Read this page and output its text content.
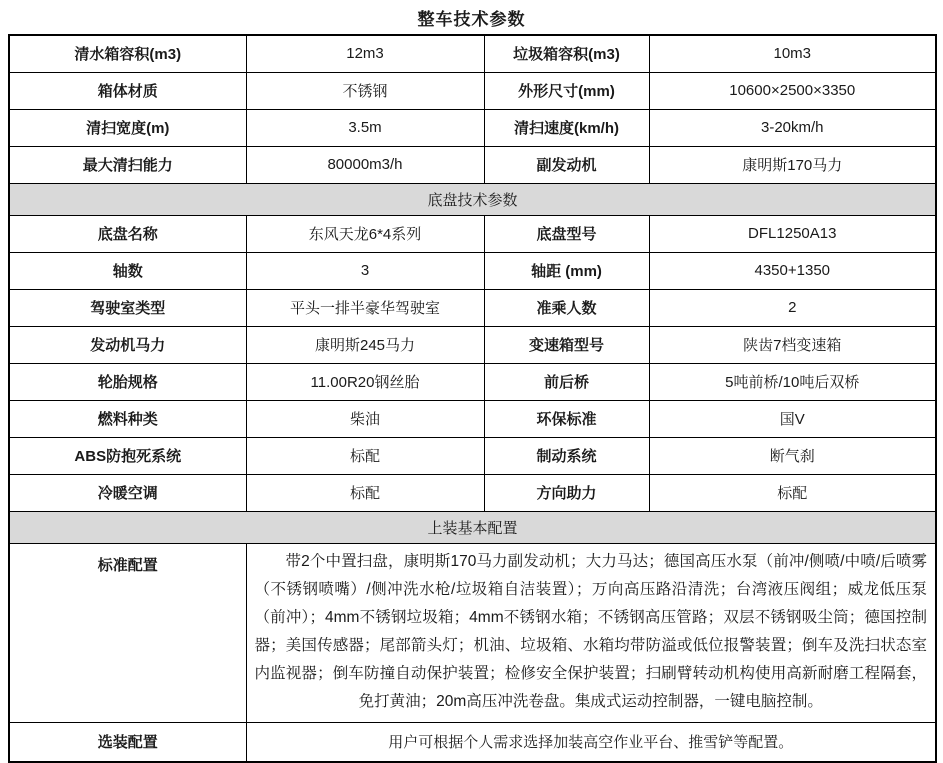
整车技术参数
清水箱容积(m3)	12m3	垃圾箱容积(m3)	10m3
箱体材质	不锈钢	外形尺寸(mm)	10600×2500×3350
清扫宽度(m)	3.5m	清扫速度(km/h)	3-20km/h
最大清扫能力	80000m3/h	副发动机	康明斯170马力
底盘技术参数			
底盘名称	东风天龙6*4系列	底盘型号	DFL1250A13
轴数	3	轴距 (mm)	4350+1350
驾驶室类型	平头一排半豪华驾驶室	准乘人数	2
发动机马力	康明斯245马力	变速箱型号	陕齿7档变速箱
轮胎规格	11.00R20钢丝胎	前后桥	5吨前桥/10吨后双桥
燃料种类	柴油	环保标准	国V
ABS防抱死系统	标配	制动系统	断气刹
冷暖空调	标配	方向助力	标配
上装基本配置			
标准配置	带2个中置扫盘，康明斯170马力副发动机；大力马达；德国高压水泵（前冲/侧喷/中喷/后喷雾（不锈钢喷嘴）/侧冲洗水枪/垃圾箱自洁装置）；万向高压路沿清洗；台湾液压阀组；威龙低压泵（前冲）；4mm不锈钢垃圾箱；4mm不锈钢水箱；不锈钢高压管路；双层不锈钢吸尘筒；德国控制器；美国传感器；尾部箭头灯；机油、垃圾箱、水箱均带防溢或低位报警装置；倒车及洗扫状态室内监视器；倒车防撞自动保护装置；检修安全保护装置；扫刷臂转动机构使用高新耐磨工程隔套，免打黄油；20m高压冲洗卷盘。集成式运动控制器，一键电脑控制。		
选装配置	用户可根据个人需求选择加装高空作业平台、推雪铲等配置。		
